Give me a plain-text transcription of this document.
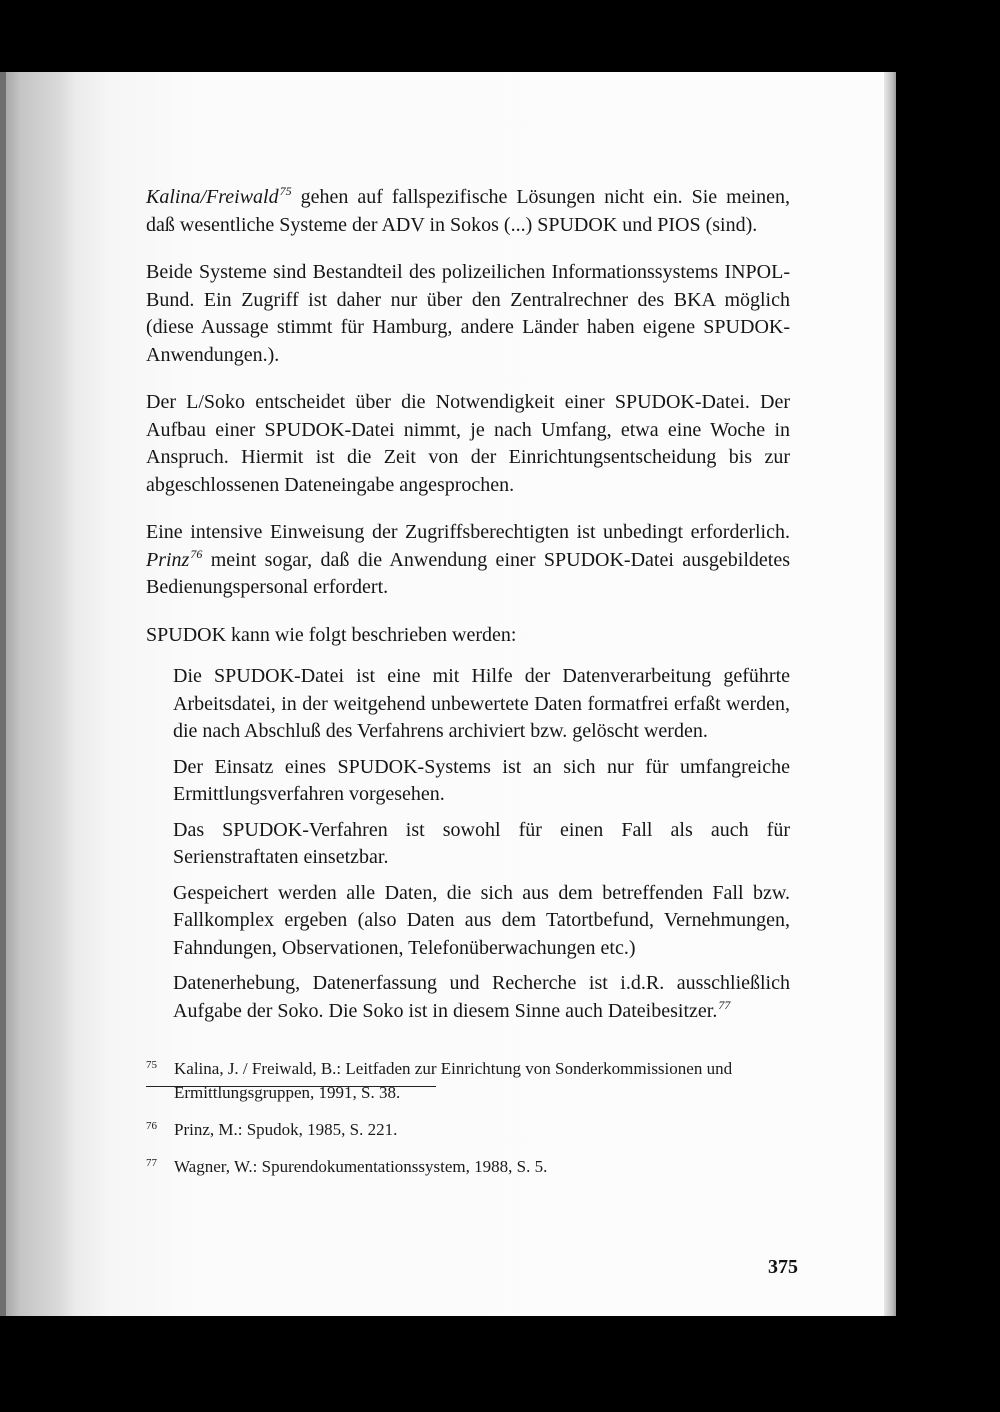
Kalina/Freiwald$^{75}$ gehen auf fallspezifische Lösungen nicht ein. Sie meinen, daß wesentliche Systeme der ADV in Sokos (...) SPUDOK und PIOS (sind).

Beide Systeme sind Bestandteil des polizeilichen Informationssystems INPOL-Bund. Ein Zugriff ist daher nur über den Zentralrechner des BKA möglich (diese Aussage stimmt für Hamburg, andere Länder haben eigene SPUDOK-Anwendungen.).

Der L/Soko entscheidet über die Notwendigkeit einer SPUDOK-Datei. Der Aufbau einer SPUDOK-Datei nimmt, je nach Umfang, etwa eine Woche in Anspruch. Hiermit ist die Zeit von der Einrichtungsentscheidung bis zur abgeschlossenen Dateneingabe angesprochen.

Eine intensive Einweisung der Zugriffsberechtigten ist unbedingt erforderlich. Prinz$^{76}$ meint sogar, daß die Anwendung einer SPUDOK-Datei ausgebildetes Bedienungspersonal erfordert.

SPUDOK kann wie folgt beschrieben werden:

Die SPUDOK-Datei ist eine mit Hilfe der Datenverarbeitung geführte Arbeitsdatei, in der weitgehend unbewertete Daten formatfrei erfaßt werden, die nach Abschluß des Verfahrens archiviert bzw. gelöscht werden.
Der Einsatz eines SPUDOK-Systems ist an sich nur für umfangreiche Ermittlungsverfahren vorgesehen.
Das SPUDOK-Verfahren ist sowohl für einen Fall als auch für Serienstraftaten einsetzbar.
Gespeichert werden alle Daten, die sich aus dem betreffenden Fall bzw. Fallkomplex ergeben (also Daten aus dem Tatortbefund, Vernehmungen, Fahndungen, Observationen, Telefonüberwachungen etc.)
Datenerhebung, Datenerfassung und Recherche ist i.d.R. ausschließlich Aufgabe der Soko. Die Soko ist in diesem Sinne auch Dateibesitzer.$^{77}$
75 Kalina, J. / Freiwald, B.: Leitfaden zur Einrichtung von Sonderkommissionen und Ermittlungsgruppen, 1991, S. 38.
76 Prinz, M.: Spudok, 1985, S. 221.
77 Wagner, W.: Spurendokumentationssystem, 1988, S. 5.
375
